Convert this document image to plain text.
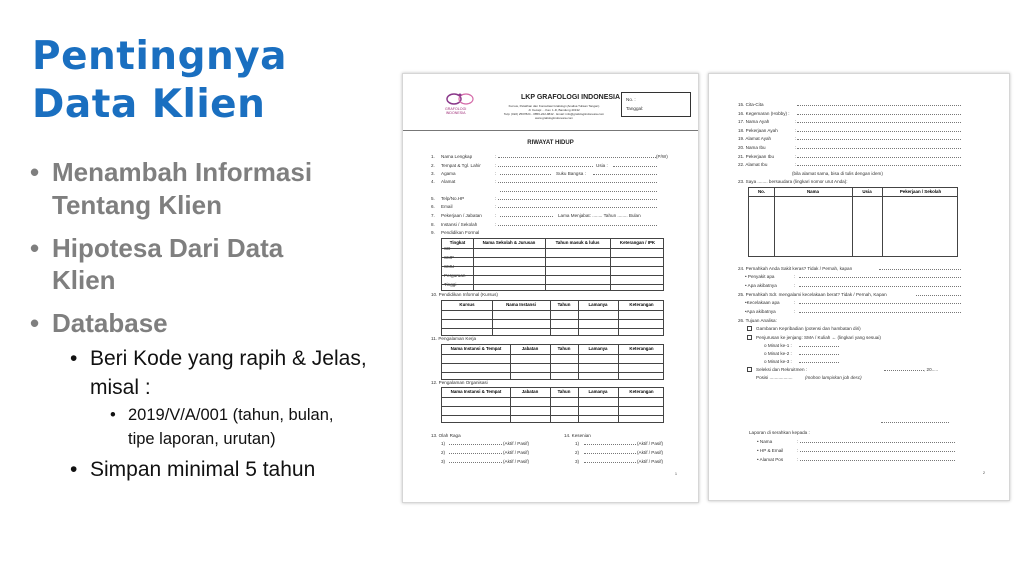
Pentingnya
Data Klien
• Menambah Informasi
Tentang Klien
• Hipotesa Dari Data
Klien
• Database
• Beri Kode yang rapih & Jelas,
misal :
• 2019/V/A/001 (tahun, bulan,
tipe laporan, urutan)
• Simpan minimal 5 tahun
GRAFOLOGI
INDONESIA
LKP GRAFOLOGI INDONESIA
Kursus, Pelatihan dan Konsultasi Grafologi (Analisa Tulisan Tangan)
Jl. Kecapi ... Kav. 1-D, Bandung 40132
Telp: (022) 2507824 - 0856-222-9842 · Email: info@grafologiindonesia.com
www.grafologiindonesia.com
No. :
Tanggal:
RIWAYAT HIDUP
1. Nama Lengkap	:	(P/W)
2. Tempat & Tgl. Lahir	:	Usia :
3. Agama	:	Suku Bangsa :
4. Alamat	:
5. Telp/No.HP	:
6. Email	:
7. Pekerjaan / Jabatan	:	Lama Menjabat: ........ Tahun ........ Bulan
8. Instansi / Sekolah	:
9. Pendidikan Formal
Tingkat	Nama Sekolah & Jurusan	Tahun masuk & lulus	Keterangan / IPK
SD
SMP
SMU
Perguruan
Tinggi
10. Pendidikan Informal (Kursus)
Kursus	Nama Instansi	Tahun	Lamanya	Keterangan
11. Pengalaman Kerja
Nama Instansi & Tempat	Jabatan	Tahun	Lamanya	Keterangan
12. Pengalaman Organisasi
Nama Instansi & Tempat	Jabatan	Tahun	Lamanya	Keterangan
13. Olah Raga	14. Kesenian
1)	(Aktif / Pasif)	1)	(Aktif / Pasif)
2)	(Aktif / Pasif)	2)	(Aktif / Pasif)
3)	(Aktif / Pasif)	3)	(Aktif / Pasif)
1
15. Cita-Cita
16. Kegemaran (Hobby) :
17. Nama Ayah	:
18. Pekerjaan Ayah	:
19. Alamat Ayah	:
20. Nama Ibu	:
21. Pekerjaan Ibu	:
22. Alamat Ibu	:
(bila alamat sama, bisa di tulis dengan idem)
23. Saya ........ bersaudara (lingkari nomor urut Anda):
No.	Nama	Usia	Pekerjaan / Sekolah
24. Pernahkah Anda Sakit keras? Tidak / Pernah, kapan
• Penyakit apa	:
• Apa akibatnya	:
25. Pernahkah Sdr. mengalami kecelakaan berat? Tidak / Pernah, Kapan
•Kecelakaan apa	:
•Apa akibatnya	:
26. Tujuan Analisa:
Gambaran Kepribadian (potensi dan hambatan diri)
Penjurusan ke jenjang: SMA / Kuliah ← (lingkari yang sesuai)
o Minat ke-1 :
o Minat ke-2 :
o Minat ke-3 :
Seleksi dan Rekruitmen :	, 20.....
Posisi ..................	(mohon lampirkan job desc)
Laporan di serahkan kepada :
• Nama	:
• HP & Email	:
• Alamat Pos	:
2
